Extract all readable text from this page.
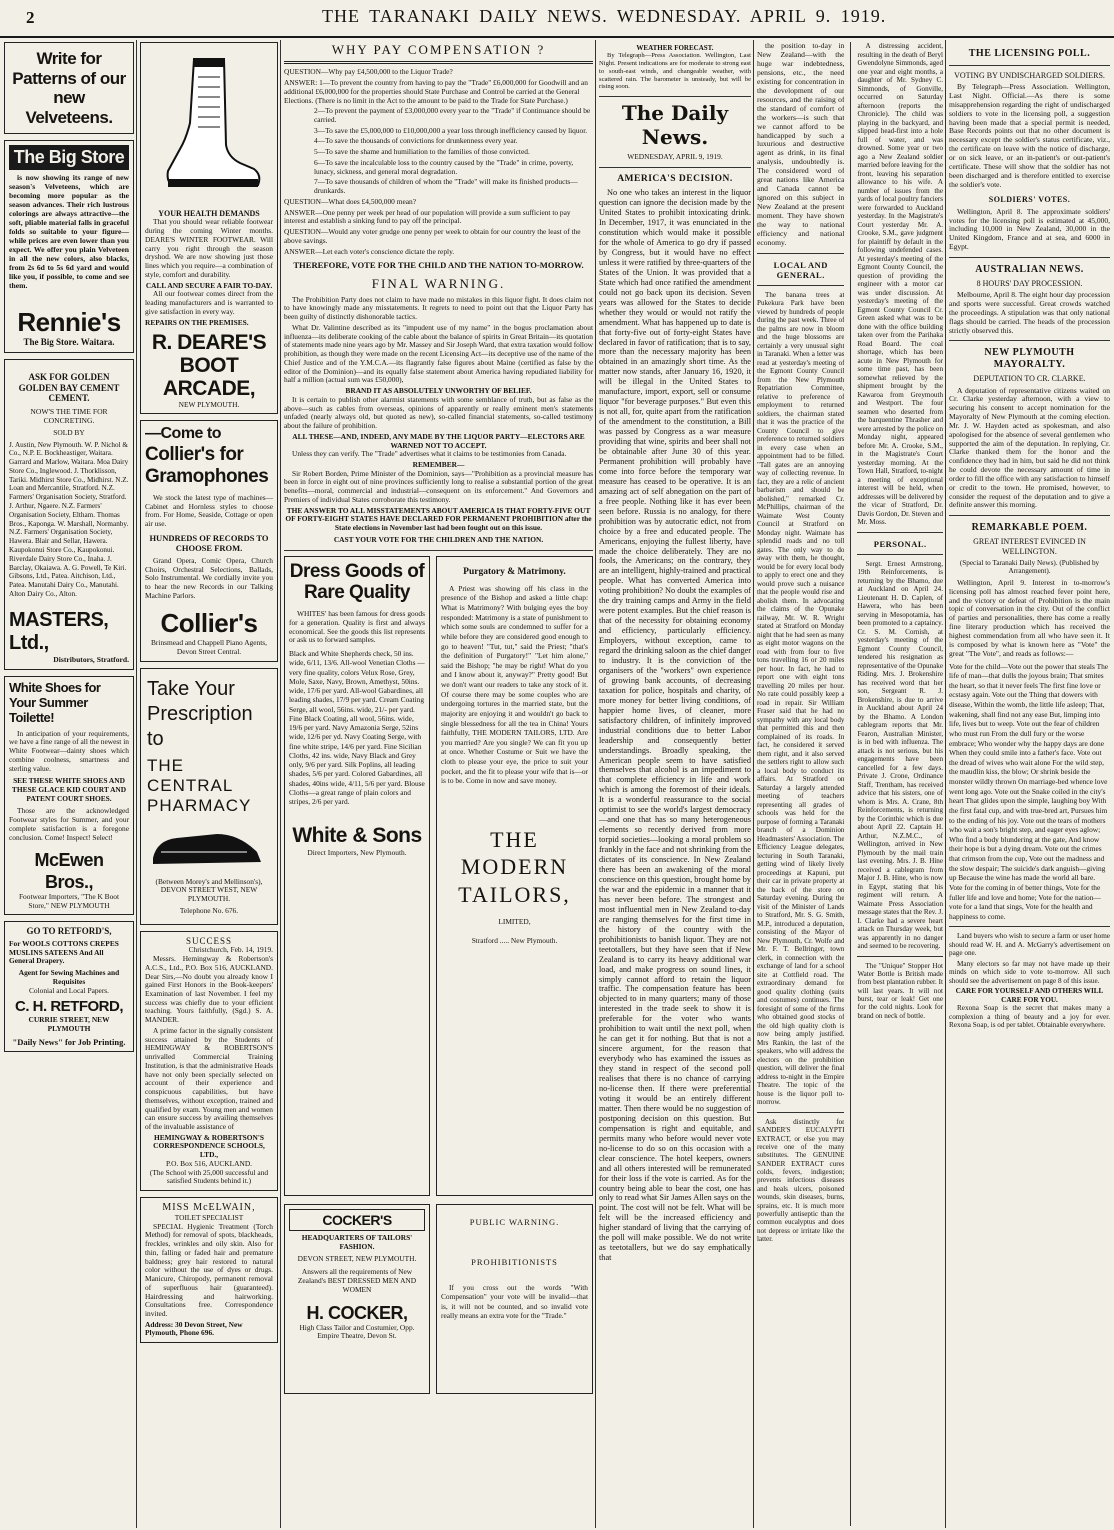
2	THE TARANAKI DAILY NEWS. WEDNESDAY. APRIL 9. 1919.
Write for Patterns of our new Velveteens.
The Big Store
is now showing its range of new season's Velveteens, which are becoming more popular as the season advances. Their rich lustrous colorings are always attractive—the soft, pliable material falls in graceful folds so suitable to your figure—while prices are even lower than you expect. We offer you plain Velveteen in all the new colors, also blacks, from 2s 6d to 5s 6d yard and would like you, if possible, to come and see them.
Rennie's
The Big Store. Waitara.
ASK FOR GOLDEN GOLDEN BAY CEMENT CEMENT.
NOW'S THE TIME FOR CONCRETING.
SOLD BY
J. Austin, New Plymouth. W. P. Nichol & Co., N.P. E. Bockheastiger, Waitara. Garrard and Marlow, Waitara. Moa Dairy Store Co., Inglewood. J. Thorklisson, Tariki. Midhirst Store Co., Midhirst. N.Z. Loan and Mercantile, Stratford. N.Z. Farmers' Organisation Society, Stratford. J. Arthur, Ngaere. N.Z. Farmers' Organisation Society, Eltham. Thomas Bros., Kaponga. W. Marshall, Normanby. N.Z. Farmers' Organisation Society, Hawera. Blair and Sellar, Hawera. Kaupokonui Store Co., Kaupokonui. Riverdale Dairy Store Co., Inaha. J. Barclay, Okaiawa. A. G. Powell, Te Kiri. Gibsons, Ltd., Patea. Aitchison, Ltd., Patea. Manutahi Dairy Co., Manutahi. Alton Dairy Co., Alton.
MASTERS, Ltd.,
Distributors, Stratford.
White Shoes for Your Summer Toilette!
In anticipation of your requirements, we have a fine range of all the newest in White Footwear—dainty shoes which combine coolness, smartness and sterling value.
SEE THESE WHITE SHOES AND THESE GLACE KID COURT AND PATENT COURT SHOES.
Those are the acknowledged Footwear styles for Summer, and your complete satisfaction is a foregone conclusion. Come! Inspect! Select!
McEwen Bros.,
Footwear Importers, "The K Boot Store," NEW PLYMOUTH
GO TO RETFORD'S,
For WOOLS COTTONS CREPES MUSLINS SATEENS And All General Drapery.
Agent for Sewing Machines and Requisites
Colonial and Local Papers.
C. H. RETFORD,
CURRIE STREET, NEW PLYMOUTH
"Daily News" for Job Printing.
YOUR HEALTH DEMANDS
That you should wear reliable footwear during the coming Winter months. DEARE'S WINTER FOOTWEAR. Will carry you right through the season dryshod. We are now showing just those lines which you require—a combination of style, comfort and durability.
CALL AND SECURE A FAIR TO-DAY.
All our footwear comes direct from the leading manufacturers and is warranted to give satisfaction in every way.
REPAIRS ON THE PREMISES.
R. DEARE'S BOOT ARCADE,
NEW PLYMOUTH.
—Come to
Collier's for Gramophones
We stock the latest type of machines—Cabinet and Hornless styles to choose from. For Home, Seaside, Cottage or open air use.
HUNDREDS OF RECORDS TO CHOOSE FROM.
Grand Opera, Comic Opera, Church Choirs, Orchestral Selections, Ballads, Solo Instrumental. We cordially invite you to hear the new Records in our Talking Machine Parlors.
Collier's
Brinsmead and Chappell Piano Agents, Devon Street Central.
Take Your Prescription to
THE CENTRAL PHARMACY
(Between Morey's and Mellinson's),
DEVON STREET WEST, NEW PLYMOUTH.
Telephone No. 676.
SUCCESS
Christchurch, Feb. 14, 1919.
Messrs. Hemingway & Robertson's A.C.S., Ltd., P.O. Box 516, AUCKLAND. Dear Sirs,—No doubt you already know I gained First Honors in the Book-keepers' Examination of last November. I feel my success was chiefly due to your efficient teaching. Yours faithfully, (Sgd.) S. A. MANDER.
A prime factor in the signally consistent success attained by the Students of HEMINGWAY & ROBERTSON'S unrivalled Commercial Training Institution, is that the administrative Heads have not only been specially selected on account of their experience and conspicuous capabilities, but have themselves, without exception, trained and qualified by exam. Young men and women can ensure success by availing themselves of the invaluable assistance of
HEMINGWAY & ROBERTSON'S CORRESPONDENCE SCHOOLS, LTD.,
P.O. Box 516, AUCKLAND.
(The School with 25,000 successful and satisfied Students behind it.)
MISS McELWAIN,
TOILET SPECIALIST
SPECIAL Hygienic Treatment (Torch Method) for removal of spots, blackheads, freckles, wrinkles and oily skin. Also for thin, falling or faded hair and premature baldness; grey hair restored to natural color without the use of dyes or drugs. Manicure, Chiropody, permanent removal of superfluous hair (guaranteed). Hairdressing and hairworking. Consultations free. Correspondence invited.
Address: 30 Devon Street, New Plymouth, Phone 696.
WHY PAY COMPENSATION ?
QUESTION—Why pay £4,500,000 to the Liquor Trade?
ANSWER: 1—To prevent the country from having to pay the "Trade" £6,000,000 for Goodwill and an additional £6,000,000 for the properties should State Purchase and Control be carried at the General Elections. (There is no limit in the Act to the amount to be paid to the Trade for State Purchase.)
2—To prevent the payment of £3,000,000 every year to the "Trade" if Continuance should be carried.
3—To save the £5,000,000 to £10,000,000 a year loss through inefficiency caused by liquor.
4—To save the thousands of convictions for drunkenness every year.
5—To save the shame and humiliation to the families of those convicted.
6—To save the incalculable loss to the country caused by the "Trade" in crime, poverty, lunacy, sickness, and general moral degradation.
7—To save thousands of children of whom the "Trade" will make its finished products—drunkards.
QUESTION—What does £4,500,000 mean?
ANSWER—One penny per week per head of our population will provide a sum sufficient to pay interest and establish a sinking fund to pay off the principal.
QUESTION—Would any voter grudge one penny per week to obtain for our country the least of the above savings.
ANSWER—Let each voter's conscience dictate the reply.
THEREFORE, VOTE FOR THE CHILD AND THE NATION TO-MORROW.
FINAL WARNING.
The Prohibition Party does not claim to have made no mistakes in this liquor fight. It does claim not to have knowingly made any misstatements. It regrets to need to point out that the Liquor Party has been guilty of distinctly dishonorable tactics.
What Dr. Valintine described as its "impudent use of my name" in the bogus proclamation about influenza—its deliberate cooking of the cable about the balance of spirits in Great Britain—its quotation of statements made nine years ago by Mr. Massey and Sir Joseph Ward, that extra taxation would follow prohibition, as though they were made on the recent Licensing Act—its deceptive use of the name of the Chief Justice and of the Y.M.C.A.—its flagrantly false figures about Maine (certified as false by the editor of the Dominion)—and its equally false statement about America having repudiated liability for half a million (actual sum was £50,000),
BRAND IT AS ABSOLUTELY UNWORTHY OF BELIEF.
It is certain to publish other alarmist statements with some semblance of truth, but as false as the above—such as cables from overseas, opinions of apparently or really eminent men's statements unfaded (nearly always old, but quoted as new), so-called financial statements, so-called testimony about the failure of prohibition.
ALL THESE—AND, INDEED, ANY MADE BY THE LIQUOR PARTY—ELECTORS ARE WARNED NOT TO ACCEPT.
Unless they can verify. The "Trade" advertises what it claims to be testimonies from Canada.
REMEMBER—
Sir Robert Borden, Prime Minister of the Dominion, says—"Prohibition as a provincial measure has been in force in eight out of nine provinces sufficiently long to realise a substantial portion of the great benefits—moral, commercial and industrial—consequent on its enforcement." And Governors and Premiers of individual States corroborate this testimony.
THE ANSWER TO ALL MISSTATEMENTS ABOUT AMERICA IS THAT FORTY-FIVE OUT OF FORTY-EIGHT STATES HAVE DECLARED FOR PERMANENT PROHIBITION after the State elections in November last had been fought out on this issue.
CAST YOUR VOTE FOR THE CHILDREN AND THE NATION.
Dress Goods of Rare Quality
WHITES' has been famous for dress goods for a generation. Quality is first and always economical. See the goods this list represents or ask us to forward samples.
Black and White Shepherds check, 50 ins. wide, 6/11, 13/6. All-wool Venetian Cloths —very fine quality, colors Velux Rose, Grey, Mole, Saxe, Navy, Brown, Amethyst, 50ins. wide, 17/6 per yard. All-wool Gabardines, all leading shades, 17/9 per yard. Cream Coating Serge, all wool, 56ins. wide, 21/- per yard. Fine Black Coating, all wool, 56ins. wide, 19/6 per yard. Navy Amazonia Serge, 52ins wide, 12/6 per yd. Navy Coating Serge, with fine white stripe, 14/6 per yard. Fine Sicilian Cloths, 42 ins. wide, Navy Black and Grey only, 9/6 per yard. Silk Poplins, all leading shades, 5/6 per yard. Colored Gabardines, all shades, 40ins wide, 4/11, 5/6 per yard. Blouse Cloths—a great range of plain colors and stripes, 2/6 per yard.
White & Sons
Direct Importers, New Plymouth.
Purgatory & Matrimony.
A Priest was showing off his class in the presence of the Bishop and asked a little chap: What is Matrimony? With bulging eyes the boy responded: Matrimony is a state of punishment to which some souls are condemned to suffer for a while before they are considered good enough to go to heaven! "Tut, tut," said the Priest; "that's the definition of Purgatory!" "Let him alone," said the Bishop; "he may be right! What do you and I know about it, anyway?" Pretty good! But we don't want our readers to take any stock of it. Of course there may be some couples who are undergoing tortures in the married state, but the majority are enjoying it and wouldn't go back to single blessedness for all the tea in China! Yours faithfully, THE MODERN TAILORS, LTD. Are you married? Are you single? We can fit you up at once. Whether Costume or Suit we have the cloth to please your eye, the price to suit your pocket, and the fit to please your wife that is—or is to be. Come in now and save money.
THE MODERN TAILORS,
LIMITED,
Stratford ..... New Plymouth.
COCKER'S
HEADQUARTERS OF TAILORS' FASHION.
DEVON STREET, NEW PLYMOUTH.
Answers all the requirements of New Zealand's BEST DRESSED MEN AND WOMEN
H. COCKER,
High Class Tailor and Costumier, Opp. Empire Theatre, Devon St.
PUBLIC WARNING.
PROHIBITIONISTS
If you cross out the words "With Compensation" your vote will be invalid—that is, it will not be counted, and so invalid vote really means an extra vote for the "Trade."
WEATHER FORECAST.
By Telegraph—Press Association. Wellington, Last Night. Present indications are for moderate to strong east to south-east winds, and changeable weather, with scattered rain. The barometer is unsteady, but will be rising soon.
The Daily News.
WEDNESDAY, APRIL 9, 1919.
AMERICA'S DECISION.
No one who takes an interest in the liquor question can ignore the decision made by the United States to prohibit intoxicating drink. In December, 1917, it was enunciated in the constitution which would make it possible for the whole of America to go dry if passed by Congress, but it would have no effect unless it were ratified by three-quarters of the States of the Union. It was provided that a State which had once ratified the amendment could not go back upon its decision. Seven years was allowed for the States to decide whether they would or would not ratify the amendment. What has happened up to date is that forty-five out of forty-eight States have declared in favor of ratification; that is to say, more than the necessary majority has been obtained in an amazingly short time. As the matter now stands, after January 16, 1920, it will be illegal in the United States to manufacture, import, export, sell or consume liquor "for beverage purposes." But even this is not all, for, quite apart from the ratification of the amendment to the constitution, a Bill was passed by Congress as a war measure providing that wine, spirits and beer shall not be obtainable after June 30 of this year. Permanent prohibition will probably have come into force before the temporary war measure has ceased to be operative. It is an amazing act of self abnegation on the part of a free people. Nothing like it has ever been seen before. Russia is no analogy, for there prohibition was by autocratic edict, not from choice by a free and educated people. The Americans, enjoying the fullest liberty, have made the choice deliberately. They are no fools, the Americans; on the contrary, they are an intelligent, highly-trained and practical people. What has converted America into voting prohibition? No doubt the examples of the dry training camps and Army in the field were potent examples. But the chief reason is that of the necessity for obtaining economy and efficiency, particularly efficiency. Employers, without exception, came to regard the drinking saloon as the chief danger to industry. It is the conviction of the organisers of the "workers" own experience of growing bank accounts, of decreasing taxation for police, hospitals and charity, of more money for better living conditions, of happier home lives, of cleaner, more satisfactory children, of infinitely improved industrial conditions due to better Labor leadership and consequently better understandings. Broadly speaking, the American people seem to have satisfied themselves that alcohol is an impediment to that complete efficiency in life and work which is among the foremost of their ideals. It is a wonderful reassurance to the social optimist to see the world's largest democracy—and one that has so many heterogeneous elements so recently derived from more torpid societies—looking a moral problem so frankly in the face and not shrinking from the dictates of its conscience. In New Zealand there has been an awakening of the moral conscience on this question, brought home by the war and the epidemic in a manner that it has never been before. The strongest and most influential men in New Zealand to-day are ranging themselves for the first time in the history of the country with the prohibitionists to banish liquor. They are not teetotallers, but they have seen that if New Zealand is to carry its heavy additional war load, and make progress on sound lines, it simply cannot afford to retain the liquor traffic. The compensation feature has been objected to in many quarters; many of those interested in the trade seek to show it is preferable for the voter who wants prohibition to wait until the next poll, when he can get it for nothing. But that is not a sincere argument, for the reason that everybody who has examined the issues as they stand in respect of the second poll realises that there is no chance of carrying no-license then. If there were preferential voting it would be an entirely different matter. Then there would be no suggestion of postponing decision on this question. But compensation is right and equitable, and permits many who before would never vote no-license to do so on this occasion with a clear conscience. The hotel keepers, owners and all others interested will be remunerated for their loss if the vote is carried. As for the country being able to bear the cost, one has only to read what Sir James Allen says on the point. The cost will not be felt. What will be felt will be the increased efficiency and higher standard of living that the carrying of the poll will make possible. We do not write as teetotallers, but we do say emphatically that
the position to-day in New Zealand—with the huge war indebtedness, pensions, etc., the need existing for concentration in the development of our resources, and the raising of the standard of comfort of the workers—is such that we cannot afford to be handicapped by such a luxurious and destructive agent as drink, in its final analysis, undoubtedly is. The considered word of great nations like America and Canada cannot be ignored on this subject in New Zealand at the present moment. They have shown the way to national efficiency and national economy.
LOCAL AND GENERAL.
The banana trees at Pukekura Park have been viewed by hundreds of people during the past week. Three of the palms are now in bloom and the huge blossoms are certainly a very unusual sight in Taranaki. When a letter was read at yesterday's meeting of the Egmont County Council from the New Plymouth Repatriation Committee, relative to preference of employment to returned soldiers, the chairman stated that it was the practice of the County Council to give preference to returned soldiers in every case when an appointment had to be filled. "Tall gates are an annoying way of collecting revenue. In fact, they are a relic of ancient barbarism and should be abolished," remarked Cr. McPhillips, chairman of the Waimate West County Council at Stratford on Monday night. Waimate has splendid roads and no toll gates. The only way to do away with them, he thought, would be for every local body to apply to erect one and they would prove such a nuisance that the people would rise and abolish them. In advocating the claims of the Opunake railway, Mr. W. R. Wright stated at Stratford on Monday night that he had seen as many as eight motor wagons on the road with from four to five tons travelling 16 or 20 miles per hour. In fact, he had to report one with eight tons travelling 20 miles per hour. No rate could possibly keep a road in repair. Sir William Fraser said that he had no sympathy with any local body that permitted this and then complained of its roads. In fact, he considered it served them right, and it also served the settlers right to allow such a local body to conduct its affairs. At Stratford on Saturday a largely attended meeting of teachers representing all grades of schools was held for the purpose of forming a Taranaki branch of a Dominion Headmasters' Association. The Efficiency League delegates, lecturing in South Taranaki, getting wind of likely lively proceedings at Kapuni, put their car in private property at the back of the store on Saturday evening. During the visit of the Minister of Lands to Stratford, Mr. S. G. Smith, M.P., introduced a deputation, consisting of the Mayor of New Plymouth, Cr. Wolfe and Mr. F. T. Bellringer, town clerk, in connection with the exchange of land for a school site at Cottfield road. The extraordinary demand for good quality clothing (suits and costumes) continues. The foresight of some of the firms who obtained good stocks of the old high quality cloth is now being amply justified. Mrs Rankin, the last of the speakers, who will address the electors on the prohibition question, will deliver the final address to-night in the Empire Theatre. The topic of the house is the liquor poll to-morrow.
Ask distinctly for SANDER'S EUCALYPTI EXTRACT, or else you may receive one of the many substitutes. The GENUINE SANDER EXTRACT cures colds, fevers, indigestion; prevents infectious diseases and heals ulcers, poisoned wounds, skin diseases, burns, sprains, etc. It is much more powerfully antiseptic than the common eucalyptus and does not depress or irritate like the latter.
A distressing accident, resulting in the death of Beryl Gwendolyne Simmonds, aged one year and eight months, a daughter of Mr. Sydney C. Simmonds, of Gonville, occurred on Saturday afternoon (reports the Chronicle). The child was playing in the backyard, and slipped head-first into a hole full of water, and was drowned. Some year or two ago a New Zealand soldier married before leaving for the front, leaving his separation allowance to his wife. A number of issues from the yards of local poultry fanciers were forwarded to Auckland yesterday. In the Magistrate's Court yesterday Mr. A. Crooke, S.M., gave judgment for plaintiff by default in the following undefended cases. At yesterday's meeting of the Egmont County Council, the question of providing the engineer with a motor car was under discussion. At yesterday's meeting of the Egmont County Council Cr. Green asked what was to be done with the office building taken over from the Parihaka Road Board. The coal shortage, which has been acute in New Plymouth for some time past, has been somewhat relieved by the shipment brought by the Kawaroa from Greymouth and Westport. The four seamen who deserted from the barquentine Thrasher and were arrested by the police on Monday night, appeared before Mr. A. Crooke, S.M., in the Magistrate's Court yesterday morning. At the Town Hall, Stratford, to-night a meeting of exceptional interest will be held, when addresses will be delivered by the vicar of Stratford, Dr. Davis Gordon, Dr. Steven and Mr. Moss.
PERSONAL.
Sergt. Ernest Armstrong, 19th Reinforcements, is returning by the Bhamo, due at Auckland on April 24. Lieutenant H. D. Caplen, of Hawera, who has been serving in Mesopotamia, has been promoted to a captaincy. Cr. S. M. Cornish, at yesterday's meeting of the Egmont County Council, tendered his resignation as representative of the Opunake Riding. Mrs. J. Brokenshire has received word that her son, Sergeant R. J. Brokenshire, is due to arrive in Auckland about April 24 by the Bhamo. A London cablegram reports that Mr. Fearon, Australian Minister, is in bed with influenza. The attack is not serious, but his engagements have been cancelled for a few days. Private J. Crone, Ordinance Staff, Trentham, has received advice that his sisters, one of whom is Mrs. A. Crane, 8th Reinforcements, is returning by the Corinthic which is due about April 22. Captain H. Arthur, N.Z.M.C., of Wellington, arrived in New Plymouth by the mail train last evening. Mrs. J. B. Hine received a cablegram from Major J. B. Hine, who is now in Egypt, stating that his regiment will return. A Waimate Press Association message states that the Rev. J. I. Clarke had a severe heart attack on Thursday week, but was apparently in no danger and seemed to be recovering.
The "Unique" Stopper Hot Water Bottle is British made from best plantation rubber. It will last years. It will not burst, tear or leak! Get one for the cold nights. Look for brand on neck of bottle.
THE LICENSING POLL.
VOTING BY UNDISCHARGED SOLDIERS.
By Telegraph—Press Association. Wellington, Last Night. Official.—As there is some misapprehension regarding the right of undischarged soldiers to vote in the licensing poll, a suggestion having been made that a special permit is needed, Base Records points out that no other document is necessary except the soldier's status certificate, viz., the certificate on leave with the notice of discharge, or on sick leave, or an in-patient's or out-patient's certificate. These will show that the soldier has not been discharged and is therefore entitled to exercise the soldier's vote.
SOLDIERS' VOTES.
Wellington, April 8. The approximate soldiers' votes for the licensing poll is estimated at 45,000, including 10,000 in New Zealand, 30,000 in the United Kingdom, France and at sea, and 6000 in Egypt.
AUSTRALIAN NEWS.
8 HOURS' DAY PROCESSION.
Melbourne, April 8. The eight hour day procession and sports were successful. Great crowds watched the proceedings. A stipulation was that only national flags should be carried. The heads of the procession strictly observed this.
NEW PLYMOUTH MAYORALTY.
DEPUTATION TO CR. CLARKE.
A deputation of representative citizens waited on Cr. Clarke yesterday afternoon, with a view to securing his consent to accept nomination for the Mayoralty of New Plymouth at the coming election. Mr. J. W. Hayden acted as spokesman, and also apologised for the absence of several gentlemen who supported the aim of the deputation. In replying, Cr. Clarke thanked them for the honor and the confidence they had in him, but said he did not think he could devote the necessary amount of time in order to fill the office with any satisfaction to himself or credit to the town. He promised, however, to consider the request of the deputation and to give a definite answer this morning.
REMARKABLE POEM.
GREAT INTEREST EVINCED IN WELLINGTON.
(Special to Taranaki Daily News). (Published by Arrangement).
Wellington, April 9. Interest in to-morrow's licensing poll has almost reached fever point here, and the victory or defeat of Prohibition is the main topic of conversation in the city. Out of the conflict of parties and personalities, there has come a really fine literary production which has received the highest commendation from all who have seen it. It is composed by what is known here as "Vote" the great "The Vote", and reads as follows:—
Vote for the child—Vote out the power that steals The life of man—that dulls the joyous brain; That smites the heart, so that it never feels The first fine love or ecstasy again. Vote out the Thing that dowers with disease, Within the womb, the little life asleep; That, wakening, shall find not any ease But, limping into life, lives but to weep. Vote out the fear of children who must run From the dull fury or the worse embrace; Who wonder why the happy days are done When they could smile into a father's face. Vote out the dread of wives who wait alone For the wild step, the maudlin kiss, the blow; Or shrink beside the monster wildly thrown On marriage-bed whence love went long ago. Vote out the Snake coiled in the city's heart That glides upon the simple, laughing boy With the first fatal cup, and with true-bred art, Pursues him to the ending of his joy. Vote out the tears of mothers who wait a son's bright step, and eager eyes aglow; Who find a body blundering at the gate, And know their hope is but a dying dream. Vote out the crimes that crimson from the cup, Vote out the madness and the slow despair; The suicide's dark anguish—giving up Because the wine has made the world all bare. Vote for the coming in of better things, Vote for the fuller life and love and home; Vote for the nation—vote for a land that sings, Vote for the health and happiness to come.
Land buyers who wish to secure a farm or user home should read W. H. and A. McGarry's advertisement on page one.
Many electors so far may not have made up their minds on which side to vote to-morrow. All such should see the advertisement on page 8 of this issue.
CARE FOR YOURSELF AND OTHERS WILL CARE FOR YOU.
Rexona Soap is the secret that makes many a complexion a thing of beauty and a joy for ever. Rexona Soap, is od per tablet. Obtainable everywhere.
